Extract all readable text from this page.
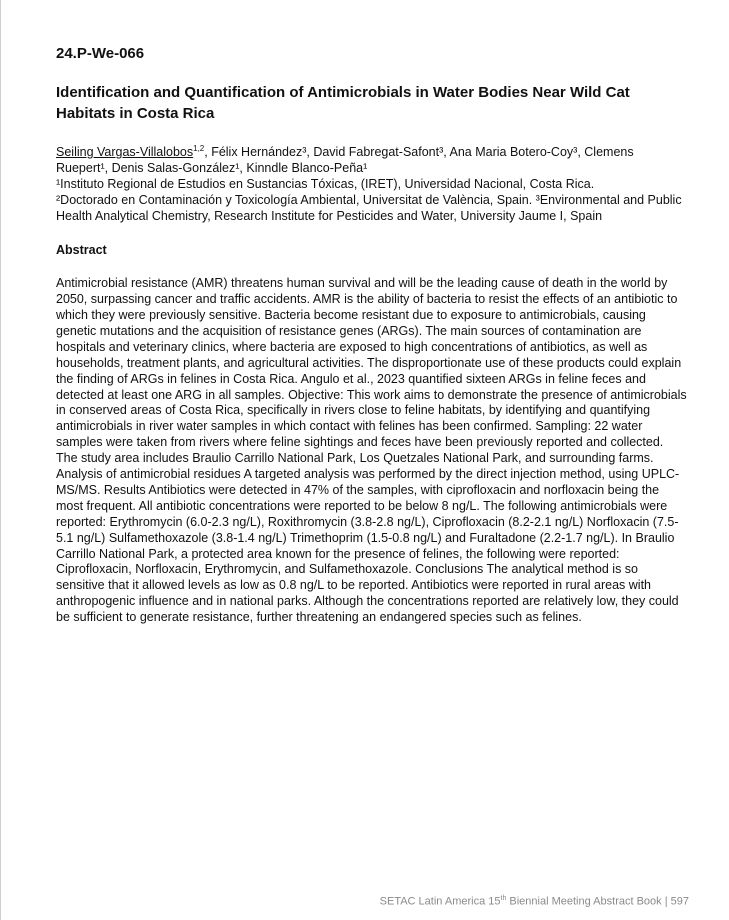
24.P-We-066

Identification and Quantification of Antimicrobials in Water Bodies Near Wild Cat Habitats in Costa Rica

Seiling Vargas-Villalobos$^{1,2}$, Félix Hernández³, David Fabregat-Safont³, Ana Maria Botero-Coy³, Clemens Ruepert¹, Denis Salas-González¹, Kinndle Blanco-Peña¹

¹Instituto Regional de Estudios en Sustancias Tóxicas, (IRET), Universidad Nacional, Costa Rica.

²Doctorado en Contaminación y Toxicología Ambiental, Universitat de València, Spain. ³Environmental and Public Health Analytical Chemistry, Research Institute for Pesticides and Water, University Jaume I, Spain

Abstract

Antimicrobial resistance (AMR) threatens human survival and will be the leading cause of death in the world by 2050, surpassing cancer and traffic accidents. AMR is the ability of bacteria to resist the effects of an antibiotic to which they were previously sensitive. Bacteria become resistant due to exposure to antimicrobials, causing genetic mutations and the acquisition of resistance genes (ARGs). The main sources of contamination are hospitals and veterinary clinics, where bacteria are exposed to high concentrations of antibiotics, as well as households, treatment plants, and agricultural activities. The disproportionate use of these products could explain the finding of ARGs in felines in Costa Rica. Angulo et al., 2023 quantified sixteen ARGs in feline feces and detected at least one ARG in all samples. Objective: This work aims to demonstrate the presence of antimicrobials in conserved areas of Costa Rica, specifically in rivers close to feline habitats, by identifying and quantifying antimicrobials in river water samples in which contact with felines has been confirmed. Sampling: 22 water samples were taken from rivers where feline sightings and feces have been previously reported and collected. The study area includes Braulio Carrillo National Park, Los Quetzales National Park, and surrounding farms. Analysis of antimicrobial residues A targeted analysis was performed by the direct injection method, using UPLC-MS/MS. Results Antibiotics were detected in 47% of the samples, with ciprofloxacin and norfloxacin being the most frequent. All antibiotic concentrations were reported to be below 8 ng/L. The following antimicrobials were reported: Erythromycin (6.0-2.3 ng/L), Roxithromycin (3.8-2.8 ng/L), Ciprofloxacin (8.2-2.1 ng/L) Norfloxacin (7.5-5.1 ng/L) Sulfamethoxazole (3.8-1.4 ng/L) Trimethoprim (1.5-0.8 ng/L) and Furaltadone (2.2-1.7 ng/L). In Braulio Carrillo National Park, a protected area known for the presence of felines, the following were reported: Ciprofloxacin, Norfloxacin, Erythromycin, and Sulfamethoxazole. Conclusions The analytical method is so sensitive that it allowed levels as low as 0.8 ng/L to be reported. Antibiotics were reported in rural areas with anthropogenic influence and in national parks. Although the concentrations reported are relatively low, they could be sufficient to generate resistance, further threatening an endangered species such as felines.

SETAC Latin America 15th Biennial Meeting Abstract Book | 597
